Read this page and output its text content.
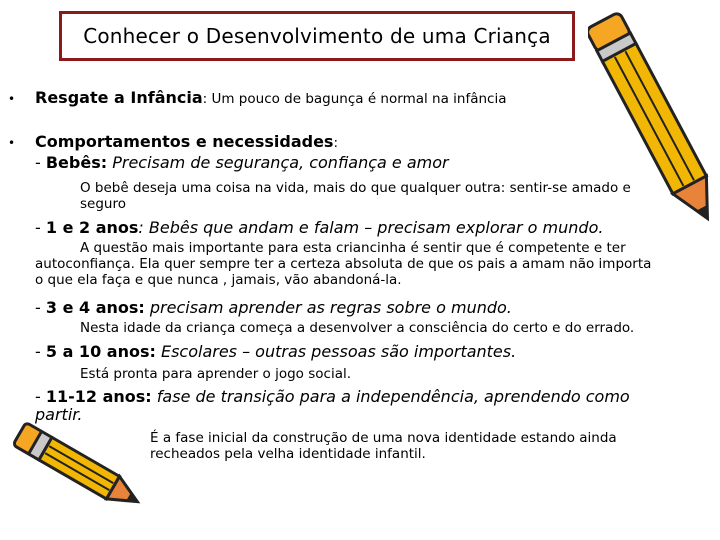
Conhecer o Desenvolvimento de uma Criança
•	Resgate a Infância: Um pouco de bagunça é normal na infância
•	Comportamentos e necessidades:
- Bebês: Precisam de segurança, confiança e amor
O bebê deseja uma coisa na vida, mais do que qualquer outra: sentir-se amado e
seguro
- 1 e 2 anos: Bebês que andam e falam – precisam explorar o mundo.
A questão mais importante para esta criancinha é sentir que é competente e ter
autoconfiança. Ela quer sempre ter a certeza absoluta de que os pais a amam não importa
o que ela faça e que nunca , jamais, vão abandoná-la.
- 3 e 4 anos: precisam aprender as regras sobre o mundo.
Nesta idade da criança começa a desenvolver a consciência do certo e do errado.
- 5 a 10 anos: Escolares – outras pessoas são importantes.
Está pronta para aprender o jogo social.
- 11-12 anos: fase de transição para a independência, aprendendo como
partir.
É a fase inicial da construção de uma nova identidade estando ainda
recheados pela velha identidade infantil.
